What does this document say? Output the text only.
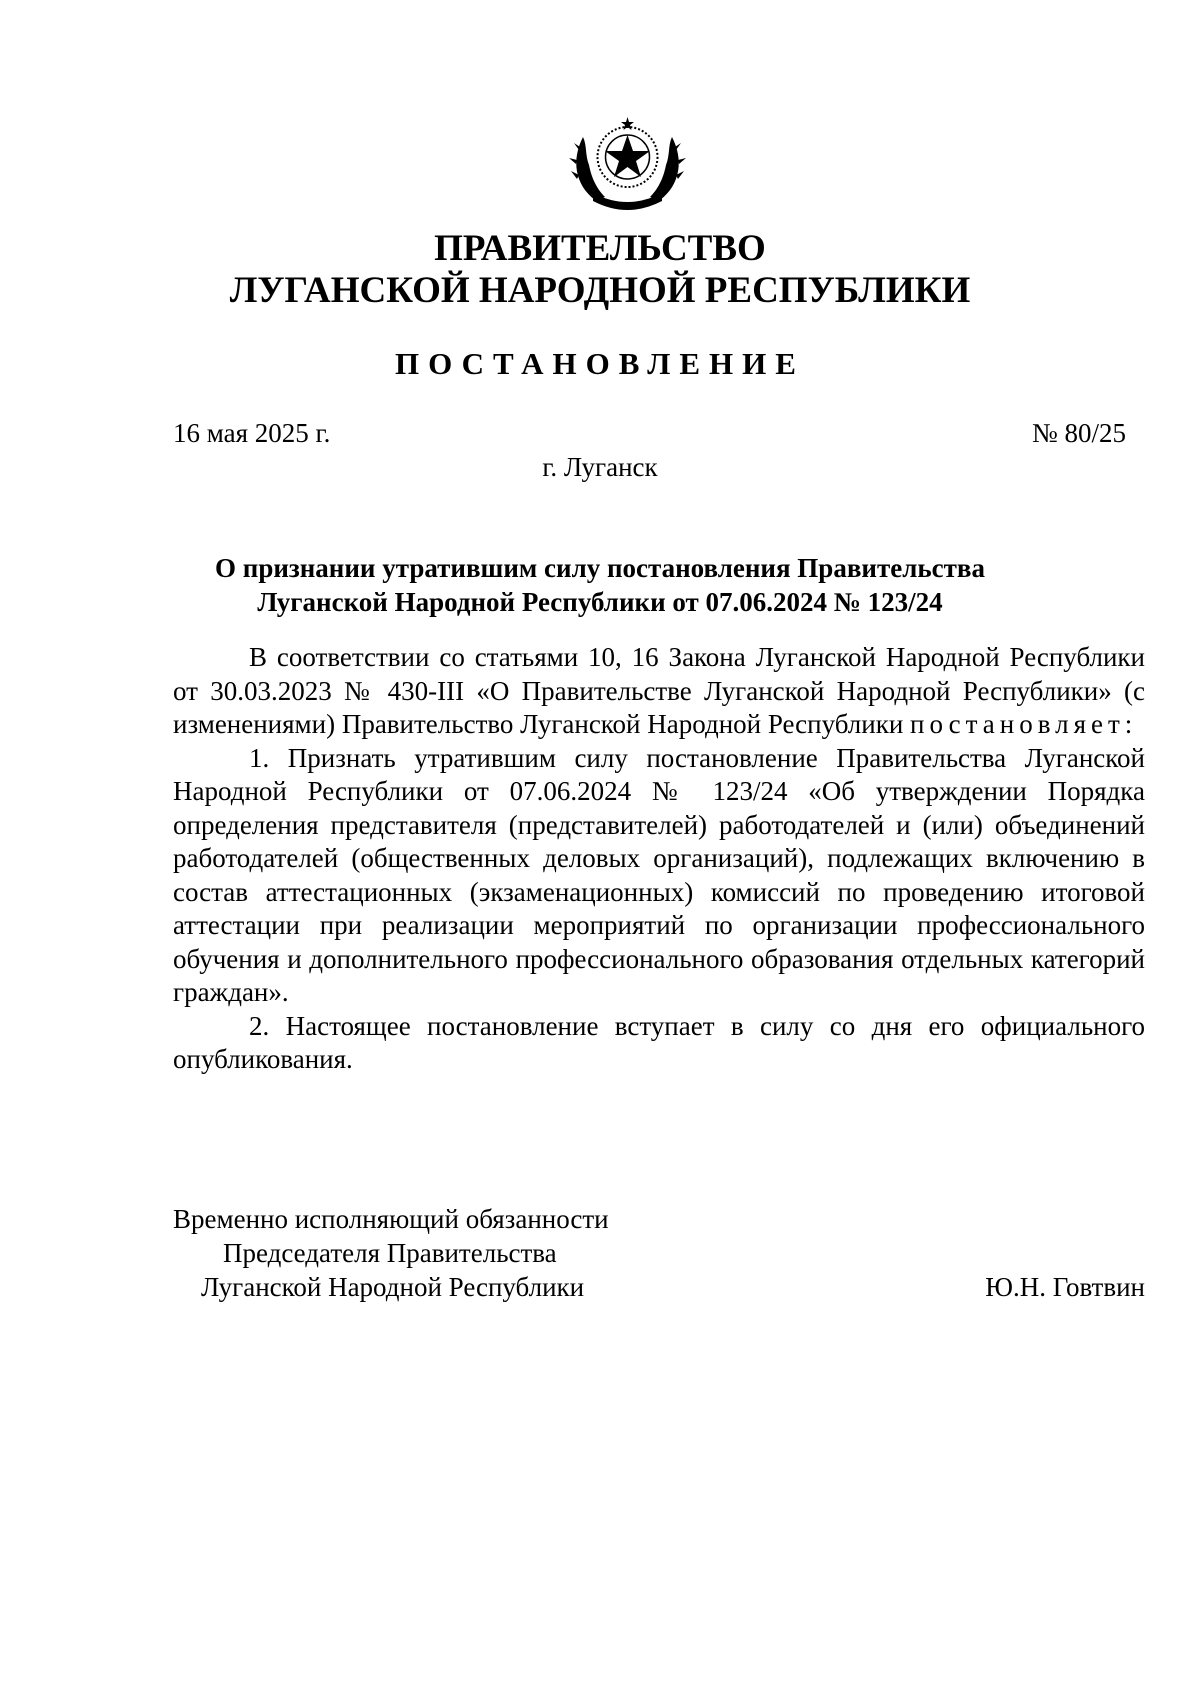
ПРАВИТЕЛЬСТВО
ЛУГАНСКОЙ НАРОДНОЙ РЕСПУБЛИКИ
ПОСТАНОВЛЕНИЕ
16 мая 2025 г.	№ 80/25
г. Луганск
О признании утратившим силу постановления Правительства
Луганской Народной Республики от 07.06.2024 № 123/24

В соответствии со статьями 10, 16 Закона Луганской Народной Республики от 30.03.2023 № 430-III «О Правительстве Луганской Народной Республики» (с изменениями) Правительство Луганской Народной Республики постановляет:

1. Признать утратившим силу постановление Правительства Луганской Народной Республики от 07.06.2024 № 123/24 «Об утверждении Порядка определения представителя (представителей) работодателей и (или) объединений работодателей (общественных деловых организаций), подлежащих включению в состав аттестационных (экзаменационных) комиссий по проведению итоговой аттестации при реализации мероприятий по организации профессионального обучения и дополнительного профессионального образования отдельных категорий граждан».

2. Настоящее постановление вступает в силу со дня его официального опубликования.

Временно исполняющий обязанности
Председателя Правительства
Луганской Народной Республики	Ю.Н. Говтвин
